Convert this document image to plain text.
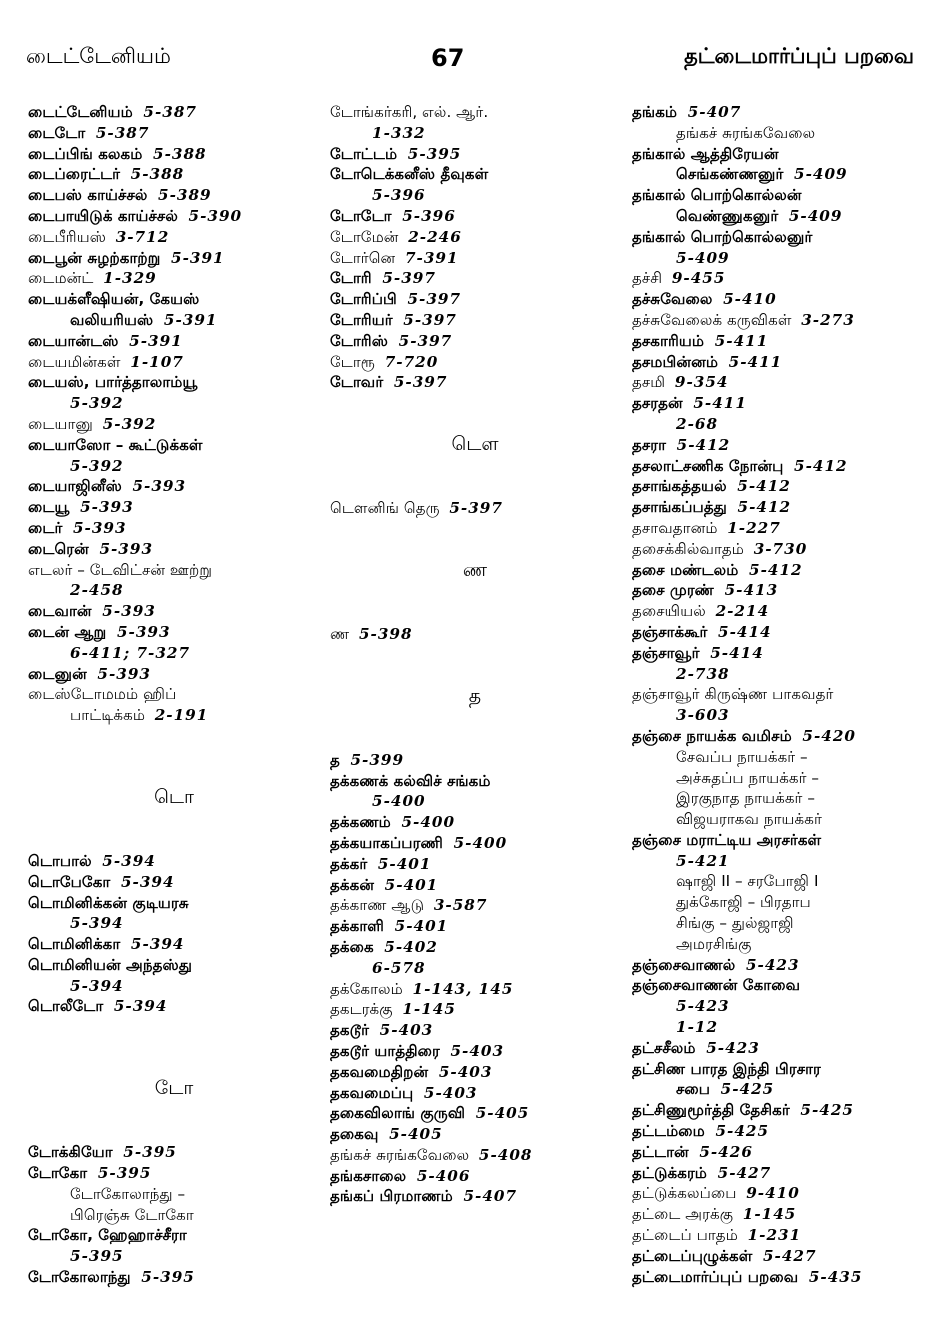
டைட்டேனியம்	67	தட்டைமார்ப்புப் பறவை
டைட்டேனியம் 5-387
டைடோ 5-387
டைப்பிங் கலகம் 5-388
டைப்ரைட்டர் 5-388
டைபஸ் காய்ச்சல் 5-389
டைபாயிடுக் காய்ச்சல் 5-390
டைபீரியஸ் 3-712
டைபூன் சுழற்காற்று 5-391
டைமன்ட் 1-329
டையக்ளீஷியன், கேயஸ்
வலியரியஸ் 5-391
டையான்டஸ் 5-391
டையமின்கள் 1-107
டையஸ், பார்த்தாலாம்யூ
5-392
டையானு 5-392
டையாஸோ – கூட்டுக்கள்
5-392
டையாஜினீஸ் 5-393
டையூ 5-393
டைர் 5-393
டைரென் 5-393
எடலர் – டேவிட்சன் ஊற்று
2-458
டைவான் 5-393
டைன் ஆறு 5-393
6-411; 7-327
டைனுன் 5-393
டைஸ்டோமமம் ஹிப்
பாட்டிக்கம் 2-191
டொ
டொபால் 5-394
டொபேகோ 5-394
டொமினிக்கன் குடியரசு
5-394
டொமினிக்கா 5-394
டொமினியன் அந்தஸ்து
5-394
டொலீடோ 5-394
டோ
டோக்கியோ 5-395
டோகோ 5-395
டோகோலாந்து –
பிரெஞ்சு டோகோ
டோகோ, ஹேஹாச்சீரா
5-395
டோகோலாந்து 5-395
டோங்கர்கரி, எல். ஆர்.
1-332
டோட்டம் 5-395
டோடெக்கனீஸ் தீவுகள்
5-396
டோடோ 5-396
டோமேன் 2-246
டோர்னெ 7-391
டோரி 5-397
டோரிப்பி 5-397
டோரியர் 5-397
டோரிஸ் 5-397
டோரூ 7-720
டோவர் 5-397
டௌ
டௌனிங் தெரு 5-397
ண
ண 5-398
த
த 5-399
தக்கணக் கல்விச் சங்கம்
5-400
தக்கணம் 5-400
தக்கயாகப்பரணி 5-400
தக்கர் 5-401
தக்கன் 5-401
தக்காண ஆடு 3-587
தக்காளி 5-401
தக்கை 5-402
6-578
தக்கோலம் 1-143, 145
தகடரக்கு 1-145
தகடூர் 5-403
தகடூர் யாத்திரை 5-403
தகவமைதிறன் 5-403
தகவமைப்பு 5-403
தகைவிலாங் குருவி 5-405
தகைவு 5-405
தங்கச் சுரங்கவேலை 5-408
தங்கசாலை 5-406
தங்கப் பிரமாணம் 5-407
தங்கம் 5-407
தங்கச் சுரங்கவேலை
தங்கால் ஆத்திரேயன்
செங்கண்ணனுர் 5-409
தங்கால் பொற்கொல்லன்
வெண்ணுகனுர் 5-409
தங்கால் பொற்கொல்லனுர்
5-409
தச்சி 9-455
தச்சுவேலை 5-410
தச்சுவேலைக் கருவிகள் 3-273
தசகாரியம் 5-411
தசமபின்னம் 5-411
தசமி 9-354
தசரதன் 5-411
2-68
தசரா 5-412
தசலாட்சணிக நோன்பு 5-412
தசாங்கத்தயல் 5-412
தசாங்கப்பத்து 5-412
தசாவதானம் 1-227
தசைக்கில்வாதம் 3-730
தசை மண்டலம் 5-412
தசை முரண் 5-413
தசையியல் 2-214
தஞ்சாக்கூர் 5-414
தஞ்சாவூர் 5-414
2-738
தஞ்சாவூர் கிருஷ்ண பாகவதர்
3-603
தஞ்சை நாயக்க வமிசம் 5-420
சேவப்ப நாயக்கர் –
அச்சுதப்ப நாயக்கர் –
இரகுநாத நாயக்கர் –
விஜயராகவ நாயக்கர்
தஞ்சை மராட்டிய அரசர்கள்
5-421
ஷாஜி II – சரபோஜி I
துக்கோஜி – பிரதாப
சிங்கு – துல்ஜாஜி
அமரசிங்கு
தஞ்சைவாணல் 5-423
தஞ்சைவாணன் கோவை
5-423
1-12
தட்சசீலம் 5-423
தட்சிண பாரத இந்தி பிரசார
சபை 5-425
தட்சிணுமூர்த்தி தேசிகர் 5-425
தட்டம்மை 5-425
தட்டான் 5-426
தட்டுக்கரம் 5-427
தட்டுக்கலப்பை 9-410
தட்டை அரக்கு 1-145
தட்டைப் பாதம் 1-231
தட்டைப்புழுக்கள் 5-427
தட்டைமார்ப்புப் பறவை 5-435
